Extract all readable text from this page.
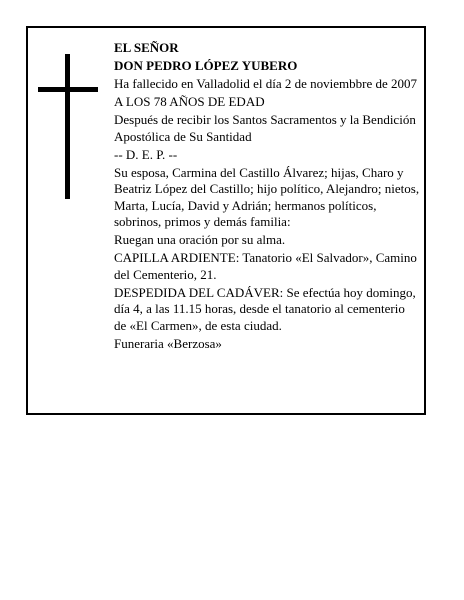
EL SEÑOR

DON PEDRO LÓPEZ YUBERO

Ha fallecido en Valladolid el día 2 de noviembbre de 2007

A LOS 78 AÑOS DE EDAD

Después de recibir los Santos Sacramentos y la Bendición Apostólica de Su Santidad

-- D. E. P. --

Su esposa, Carmina del Castillo Álvarez; hijas, Charo y Beatriz López del Castillo; hijo político, Alejandro; nietos, Marta, Lucía, David y Adrián; hermanos políticos, sobrinos, primos y demás familia:

Ruegan una oración por su alma.

CAPILLA ARDIENTE: Tanatorio «El Salvador», Camino del Cementerio, 21.

DESPEDIDA DEL CADÁVER: Se efectúa hoy domingo, día 4, a las 11.15 horas, desde el tanatorio al cementerio de «El Carmen», de esta ciudad.

Funeraria «Berzosa»
